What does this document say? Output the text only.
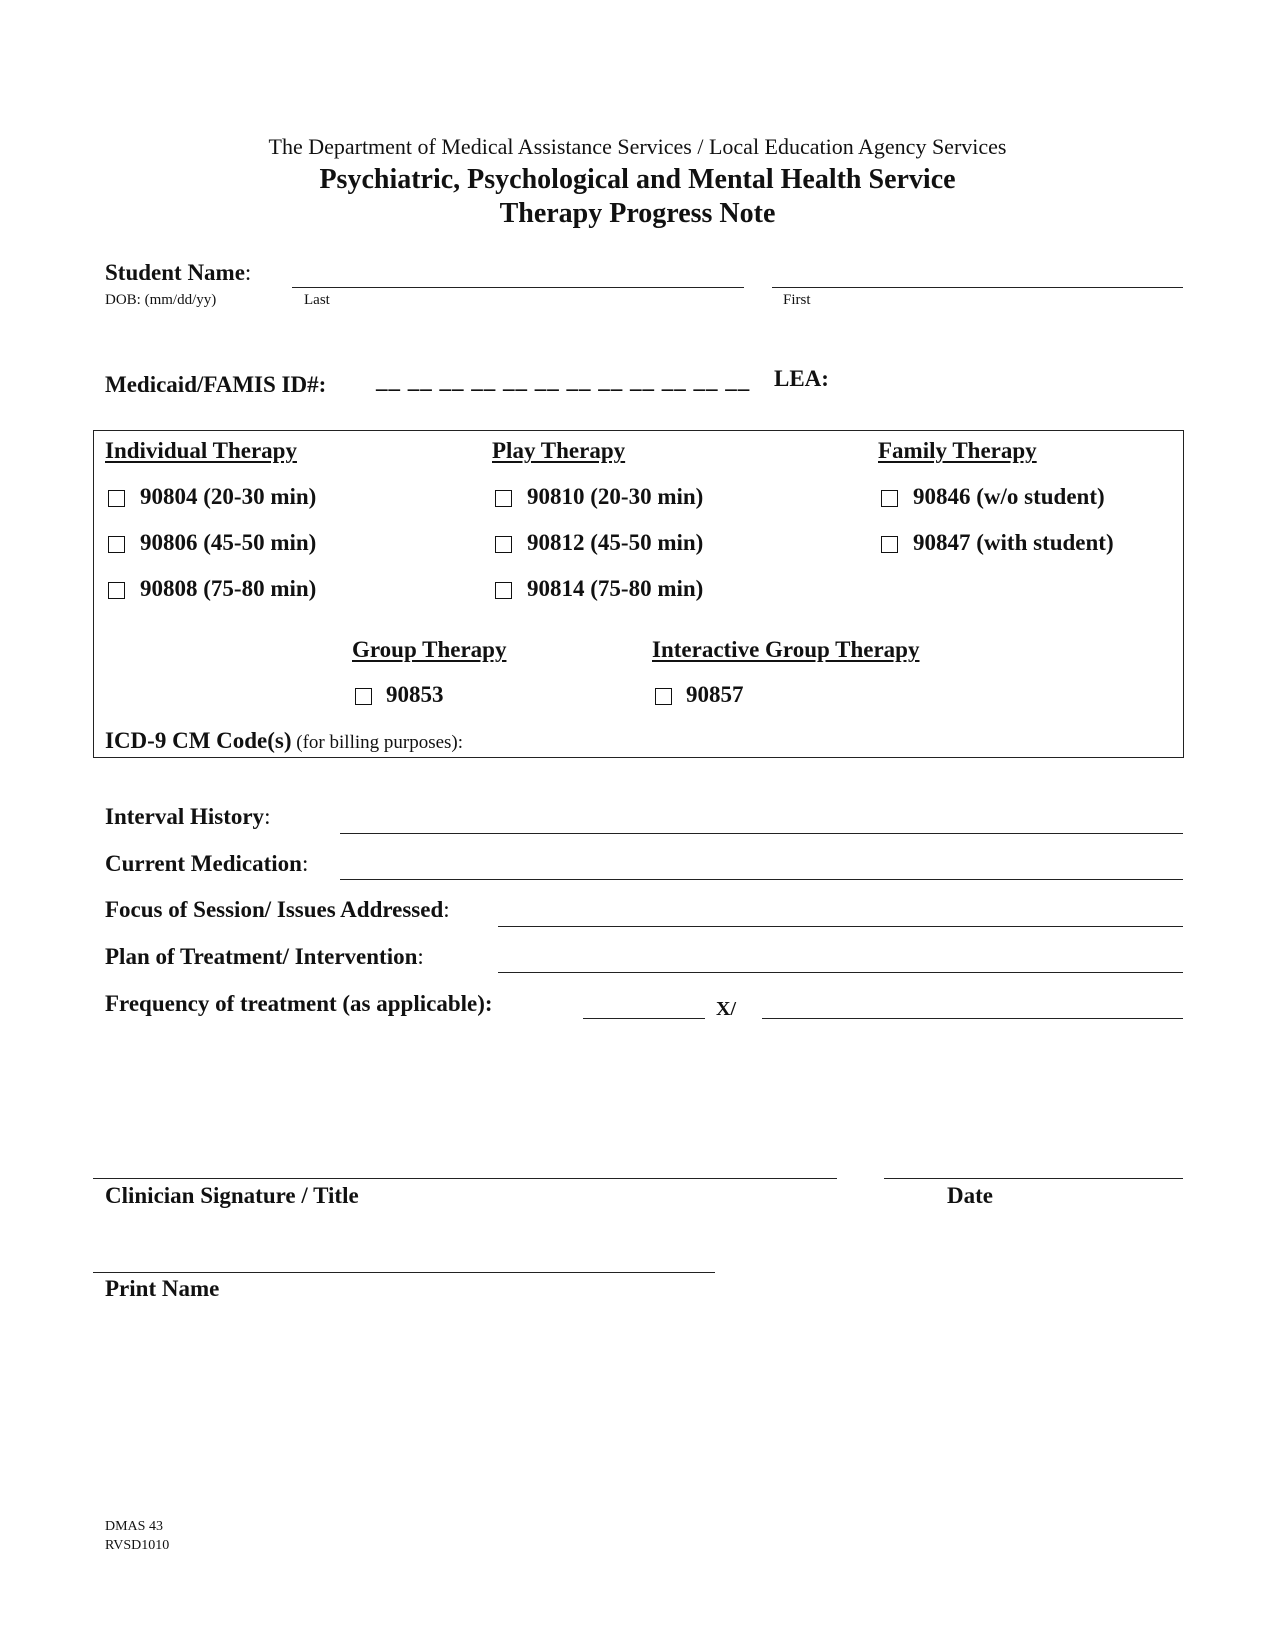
The Department of Medical Assistance Services / Local Education Agency Services
Psychiatric, Psychological and Mental Health Service
Therapy Progress Note
Student Name:
DOB: (mm/dd/yy)	Last	First
Medicaid/FAMIS ID#: __ __ __ __ __ __ __ __ __ __ __ __ LEA:
Individual Therapy
90804 (20-30 min)
90806 (45-50 min)
90808 (75-80 min)
Play Therapy
90810 (20-30 min)
90812 (45-50 min)
90814 (75-80 min)
Family Therapy
90846 (w/o student)
90847 (with student)
Group Therapy
90853
Interactive Group Therapy
90857
ICD-9 CM Code(s) (for billing purposes):
Interval History:
Current Medication:
Focus of Session/ Issues Addressed:
Plan of Treatment/ Intervention:
Frequency of treatment (as applicable):	X/
Clinician Signature / Title	Date
Print Name
DMAS 43
RVSD1010
